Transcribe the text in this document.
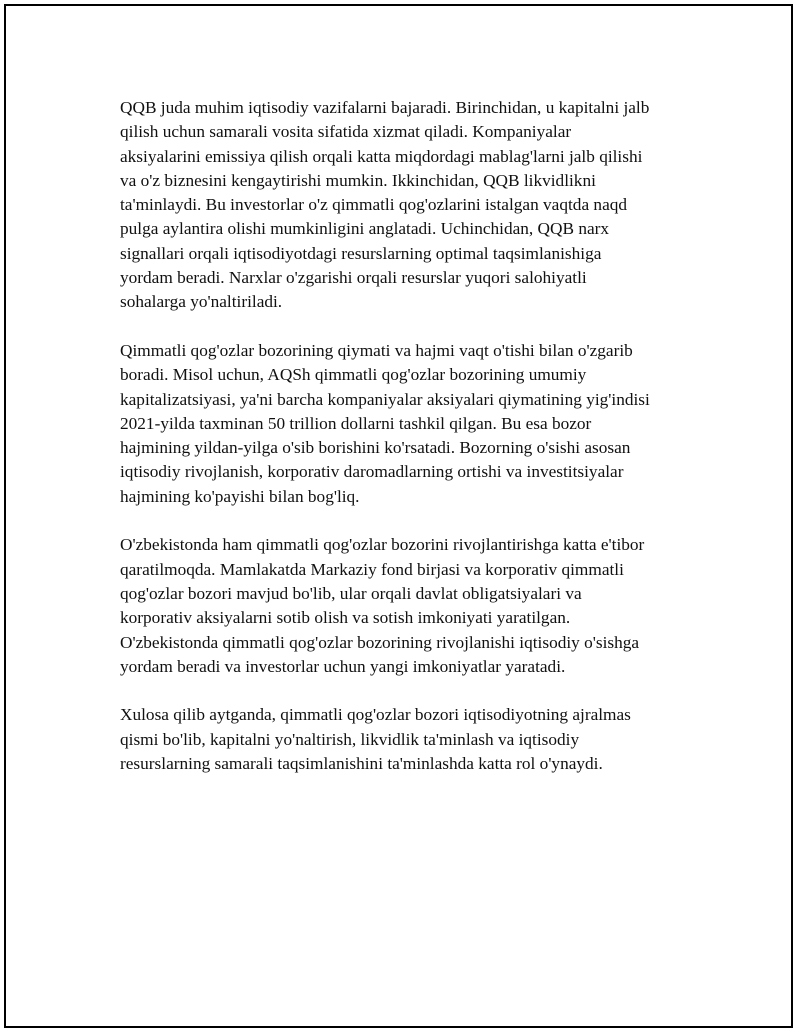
QQB juda muhim iqtisodiy vazifalarni bajaradi. Birinchidan, u kapitalni jalb
qilish uchun samarali vosita sifatida xizmat qiladi. Kompaniyalar
aksiyalarini emissiya qilish orqali katta miqdordagi mablag'larni jalb qilishi
va o'z biznesini kengaytirishi mumkin. Ikkinchidan, QQB likvidlikni
ta'minlaydi. Bu investorlar o'z qimmatli qog'ozlarini istalgan vaqtda naqd
pulga aylantira olishi mumkinligini anglatadi. Uchinchidan, QQB narx
signallari orqali iqtisodiyotdagi resurslarning optimal taqsimlanishiga
yordam beradi. Narxlar o'zgarishi orqali resurslar yuqori salohiyatli
sohalarga yo'naltiriladi.

Qimmatli qog'ozlar bozorining qiymati va hajmi vaqt o'tishi bilan o'zgarib
boradi. Misol uchun, AQSh qimmatli qog'ozlar bozorining umumiy
kapitalizatsiyasi, ya'ni barcha kompaniyalar aksiyalari qiymatining yig'indisi
2021-yilda taxminan 50 trillion dollarni tashkil qilgan. Bu esa bozor
hajmining yildan-yilga o'sib borishini ko'rsatadi. Bozorning o'sishi asosan
iqtisodiy rivojlanish, korporativ daromadlarning ortishi va investitsiyalar
hajmining ko'payishi bilan bog'liq.

O'zbekistonda ham qimmatli qog'ozlar bozorini rivojlantirishga katta e'tibor
qaratilmoqda. Mamlakatda Markaziy fond birjasi va korporativ qimmatli
qog'ozlar bozori mavjud bo'lib, ular orqali davlat obligatsiyalari va
korporativ aksiyalarni sotib olish va sotish imkoniyati yaratilgan.
O'zbekistonda qimmatli qog'ozlar bozorining rivojlanishi iqtisodiy o'sishga
yordam beradi va investorlar uchun yangi imkoniyatlar yaratadi.

Xulosa qilib aytganda, qimmatli qog'ozlar bozori iqtisodiyotning ajralmas
qismi bo'lib, kapitalni yo'naltirish, likvidlik ta'minlash va iqtisodiy
resurslarning samarali taqsimlanishini ta'minlashda katta rol o'ynaydi.
